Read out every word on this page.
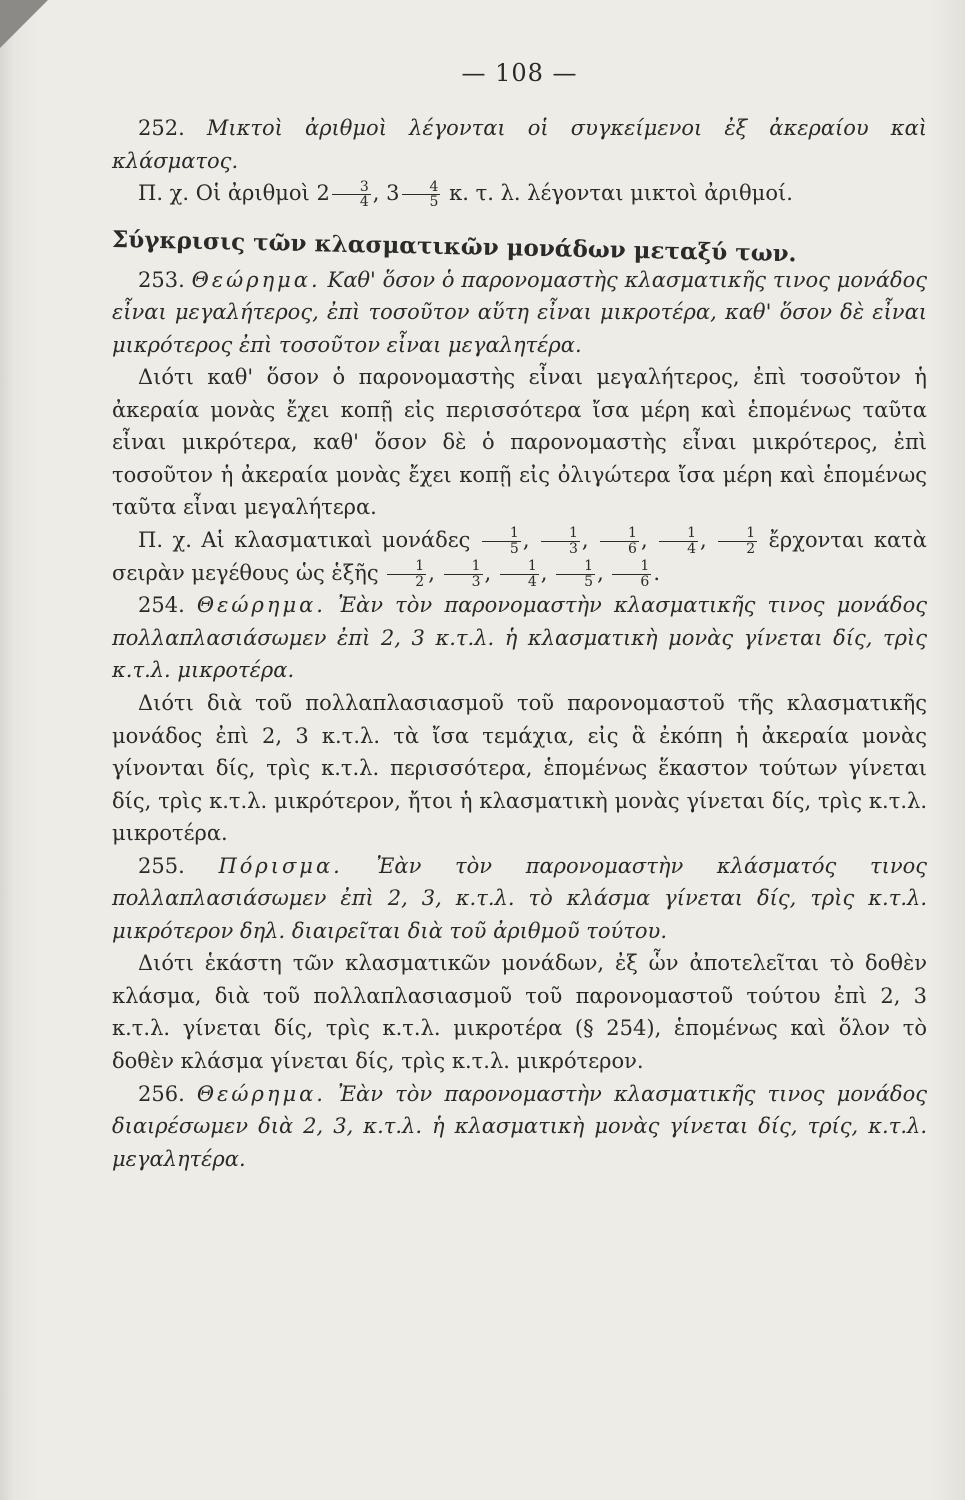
— 108 —

252. Μικτοὶ ἀριθμοὶ λέγονται οἱ συγκείμενοι ἐξ ἀκεραίου καὶ κλάσματος.

Π. χ. Οἱ ἀριθμοὶ $2 \frac{3}{4}$ , $3 \frac{4}{5} \kappa$. τ. λ. λέγονται μικτοὶ ἀριθμοί.

Σύγκρισις τῶν κλασματικῶν μονάδων μεταξύ των.

253. Θεώρημα. Καθ' ὅσον ὁ παρονομαστὴς κλασματικῆς τινος μονάδος εἶναι μεγαλήτερος, ἐπὶ τοσοῦτον αὕτη εἶναι μικροτέρα, καθ' ὅσον δὲ εἶναι μικρότερος ἐπὶ τοσοῦτον εἶναι μεγαλητέρα.

Διότι καθ' ὅσον ὁ παρονομαστὴς εἶναι μεγαλήτερος, ἐπὶ τοσοῦτον ἡ ἀκεραία μονὰς ἔχει κοπῇ εἰς περισσότερα ἴσα μέρη καὶ ἑπομένως ταῦτα εἶναι μικρότερα, καθ' ὅσον δὲ ὁ παρονομαστὴς εἶναι μικρότερος, ἐπὶ τοσοῦτον ἡ ἀκεραία μονὰς ἔχει κοπῇ εἰς ὀλιγώτερα ἴσα μέρη καὶ ἑπομένως ταῦτα εἶναι μεγαλήτερα.

Π. χ. Αἱ κλασματικαὶ μονάδες $\frac{1}{5}$ , $\frac{1}{3}$ , $\frac{1}{6}$ , $\frac{1}{4}$ , $\frac{1}{2}$ ἔρχονται κατὰ σειρὰν μεγέθους ὡς ἑξῆς $\frac{1}{2}$ , $\frac{1}{3}$ , $\frac{1}{4}$ , $\frac{1}{5}$ , $\frac{1}{6}$ .

254. Θεώρημα. Ἐὰν τὸν παρονομαστὴν κλασματικῆς τινος μονάδος πολλαπλασιάσωμεν ἐπὶ 2, 3 κ.τ.λ. ἡ κλασματικὴ μονὰς γίνεται δίς, τρὶς κ.τ.λ. μικροτέρα.

Διότι διὰ τοῦ πολλαπλασιασμοῦ τοῦ παρονομαστοῦ τῆς κλασματικῆς μονάδος ἐπὶ 2, 3 κ.τ.λ. τὰ ἴσα τεμάχια, εἰς ἃ ἐκόπη ἡ ἀκεραία μονὰς γίνονται δίς, τρὶς κ.τ.λ. περισσότερα, ἑπομένως ἕκαστον τούτων γίνεται δίς, τρὶς κ.τ.λ. μικρότερον, ἤτοι ἡ κλασματικὴ μονὰς γίνεται δίς, τρὶς κ.τ.λ. μικροτέρα.

255. Πόρισμα. Ἐὰν τὸν παρονομαστὴν κλάσματός τινος πολλαπλασιάσωμεν ἐπὶ 2, 3, κ.τ.λ. τὸ κλάσμα γίνεται δίς, τρὶς κ.τ.λ. μικρότερον δηλ. διαιρεῖται διὰ τοῦ ἀριθμοῦ τούτου.

Διότι ἑκάστη τῶν κλασματικῶν μονάδων, ἐξ ὧν ἀποτελεῖται τὸ δοθὲν κλάσμα, διὰ τοῦ πολλαπλασιασμοῦ τοῦ παρονομαστοῦ τούτου ἐπὶ 2, 3 κ.τ.λ. γίνεται δίς, τρὶς κ.τ.λ. μικροτέρα (§ 254), ἑπομένως καὶ ὅλον τὸ δοθὲν κλάσμα γίνεται δίς, τρὶς κ.τ.λ. μικρότερον.

256. Θεώρημα. Ἐὰν τὸν παρονομαστὴν κλασματικῆς τινος μονάδος διαιρέσωμεν διὰ 2, 3, κ.τ.λ. ἡ κλασματικὴ μονὰς γίνεται δίς, τρίς, κ.τ.λ. μεγαλητέρα.
